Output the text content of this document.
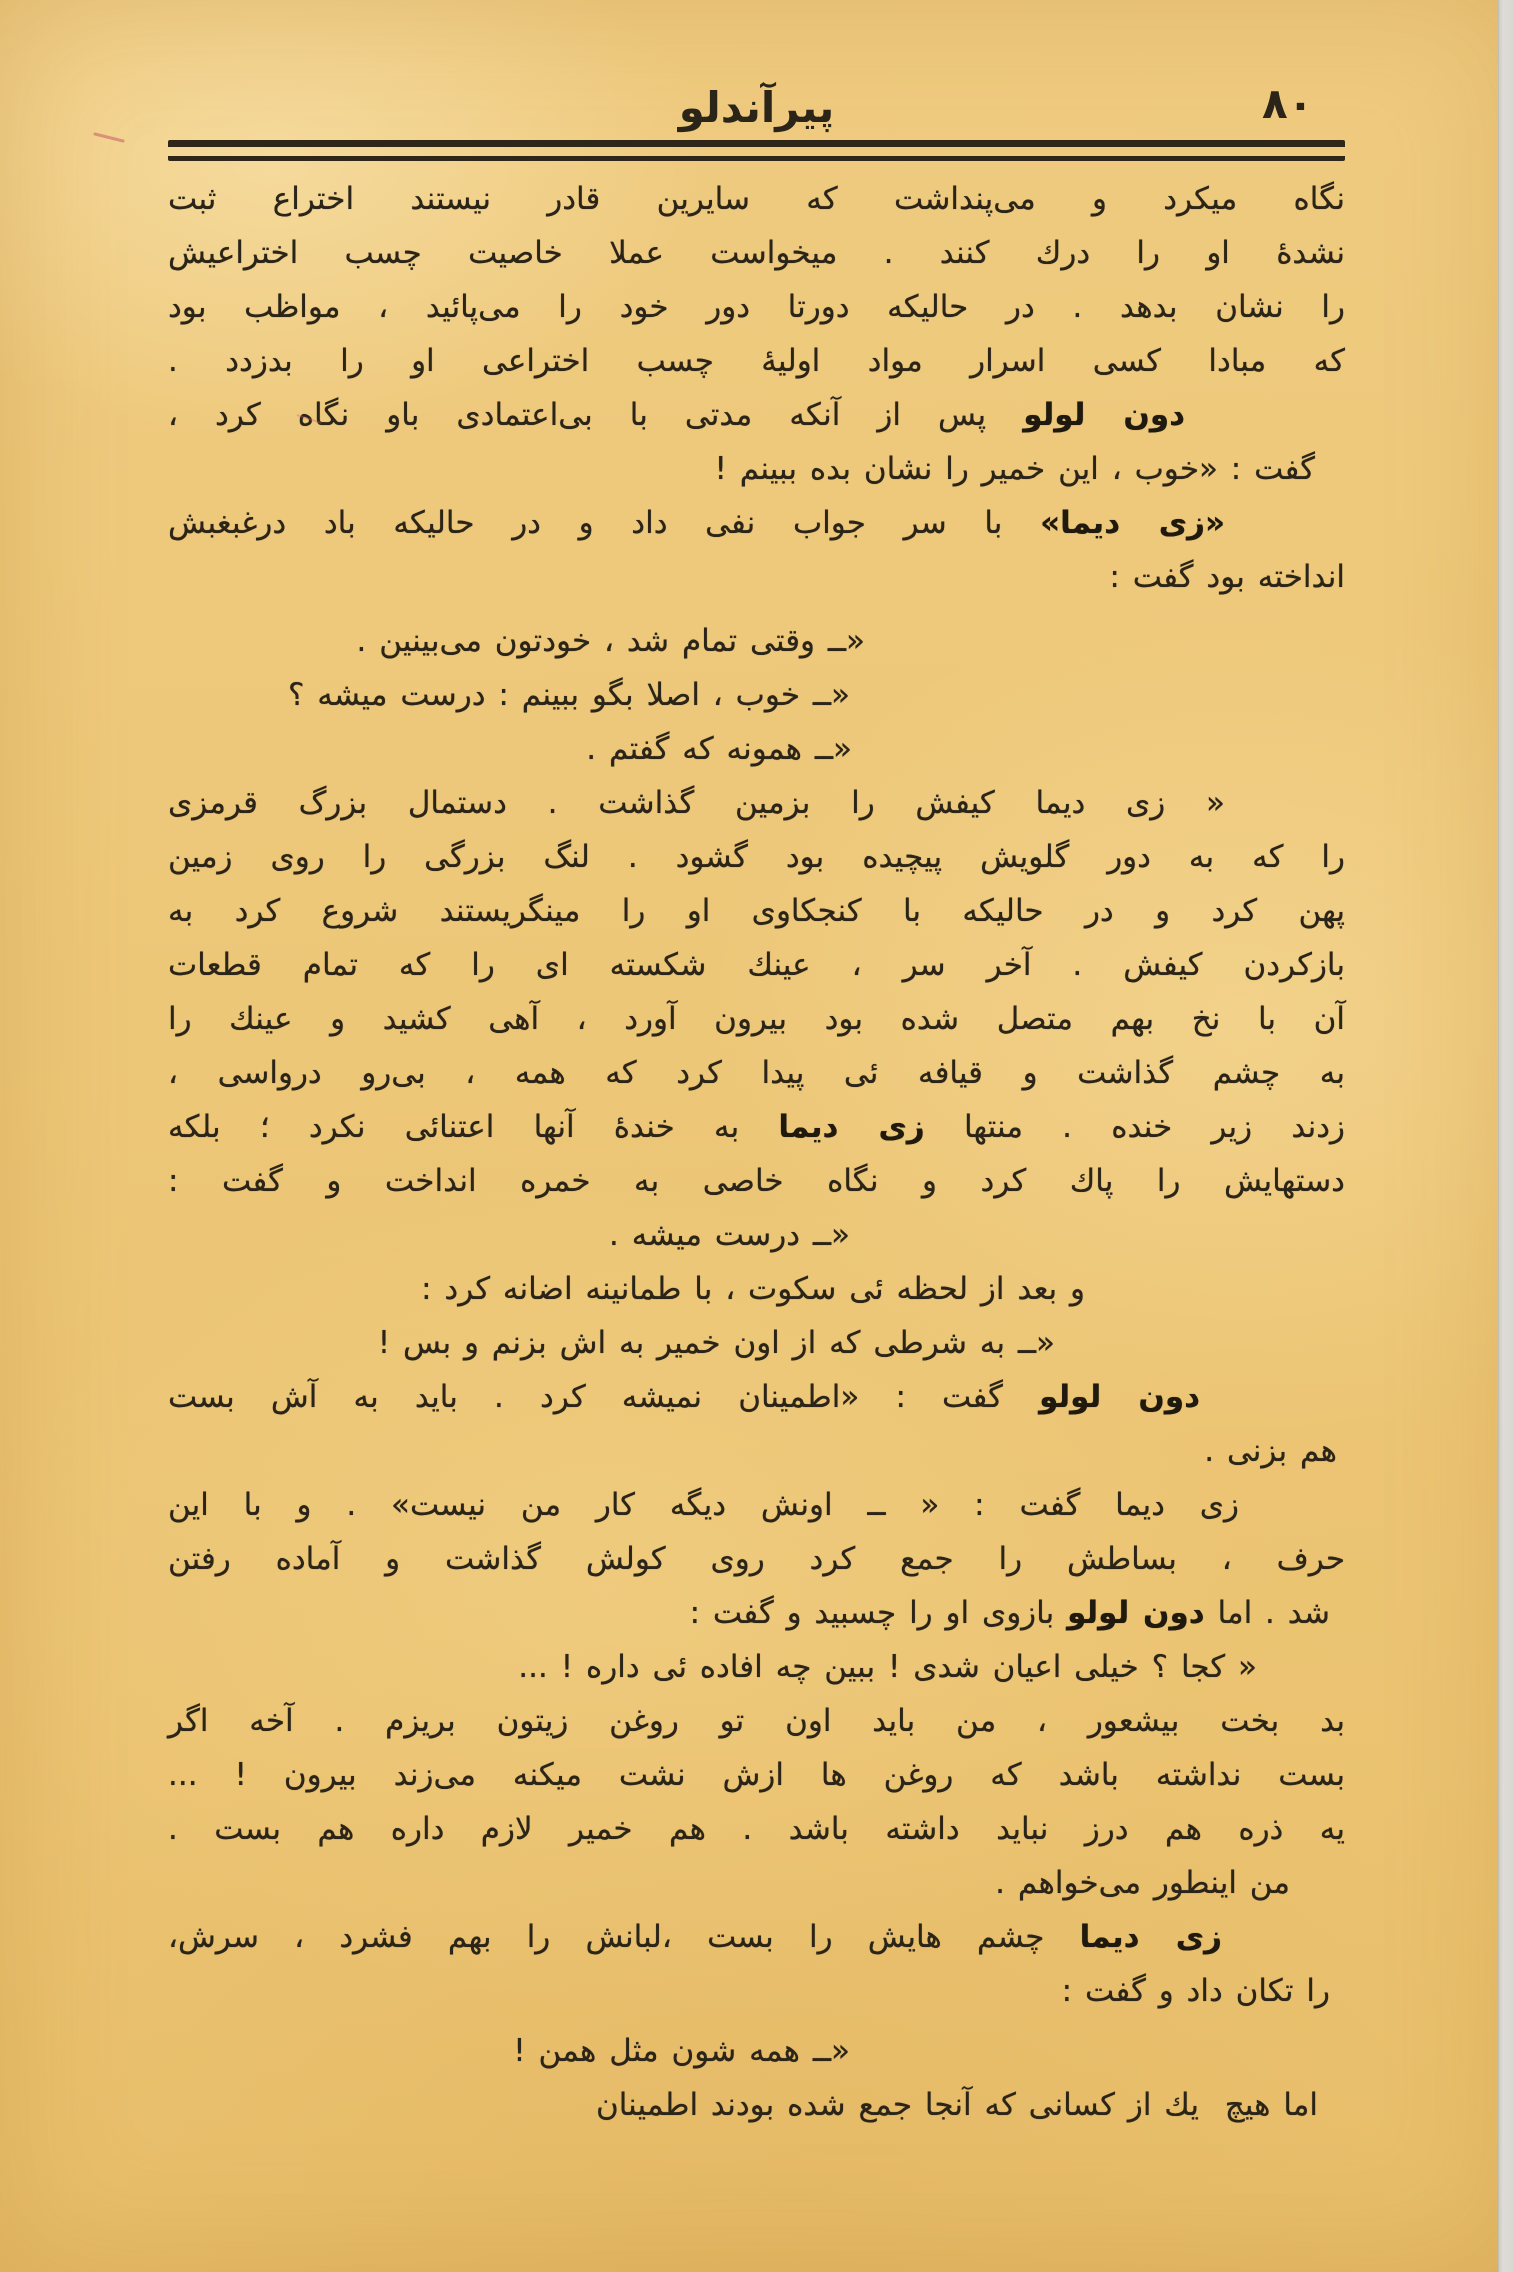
پیرآندلو	۸۰
نگاه میکرد و می‌پنداشت که سایرین قادر نیستند اختراع ثبت
نشدهٔ او را درك کنند . میخواست عملا خاصیت چسب اختراعیش
را نشان بدهد . در حالیکه دورتا دور خود را می‌پائید ، مواظب بود
که مبادا کسی اسرار مواد اولیهٔ چسب اختراعی او را بدزدد .
دون لولو پس از آنکه مدتی با بی‌اعتمادی باو نگاه کرد ،
گفت : «خوب ، این خمیر را نشان بده ببینم !
«زی دیما» با سر جواب نفی داد و در حالیکه باد درغبغبش
انداخته بود گفت :
«ــ وقتی تمام شد ، خودتون می‌بینین .
«ــ خوب ، اصلا بگو ببینم : درست میشه ؟
«ــ همونه که گفتم .
« زی دیما کیفش را بزمین گذاشت . دستمال بزرگ قرمزی
را که به دور گلویش پیچیده بود گشود . لنگ بزرگی را روی زمین
پهن کرد و در حالیکه با کنجکاوی او را مینگریستند شروع کرد به
بازکردن کیفش . آخر سر ، عینك شکسته ای را که تمام قطعات
آن با نخ بهم متصل شده بود بیرون آورد ، آهی کشید و عینك را
به چشم گذاشت و قیافه ئی پیدا کرد که همه ، بی‌رو درواسی ،
زدند زیر خنده . منتها زی دیما به خندهٔ آنها اعتنائی نکرد ؛ بلکه
دستهایش را پاك کرد و نگاه خاصی به خمره انداخت و گفت :
«ــ درست میشه .
و بعد از لحظه ئی سکوت ، با طمانینه اضانه کرد :
«ــ به شرطی که از اون خمیر به اش بزنم و بس !
دون لولو گفت : «اطمینان نمیشه کرد . باید به آش بست
هم بزنی .
زی دیما گفت : « ــ اونش دیگه کار من نیست» . و با این
حرف ، بساطش را جمع کرد روی کولش گذاشت و آماده رفتن
شد . اما دون لولو بازوی او را چسبید و گفت :
« کجا ؟ خیلی اعیان شدی ! ببین چه افاده ئی داره ! ...
بد بخت بیشعور ، من باید اون تو روغن زیتون بریزم . آخه اگر
بست نداشته باشد که روغن ها ازش نشت میکنه می‌زند بیرون ! ...
یه ذره هم درز نباید داشته باشد . هم خمیر لازم داره هم بست .
من اینطور می‌خواهم .
زی دیما چشم هایش را بست ،لبانش را بهم فشرد ، سرش،
را تکان داد و گفت :
«ــ همه شون مثل همن !
اما هیچ  یك از کسانی که آنجا جمع شده بودند اطمینان
